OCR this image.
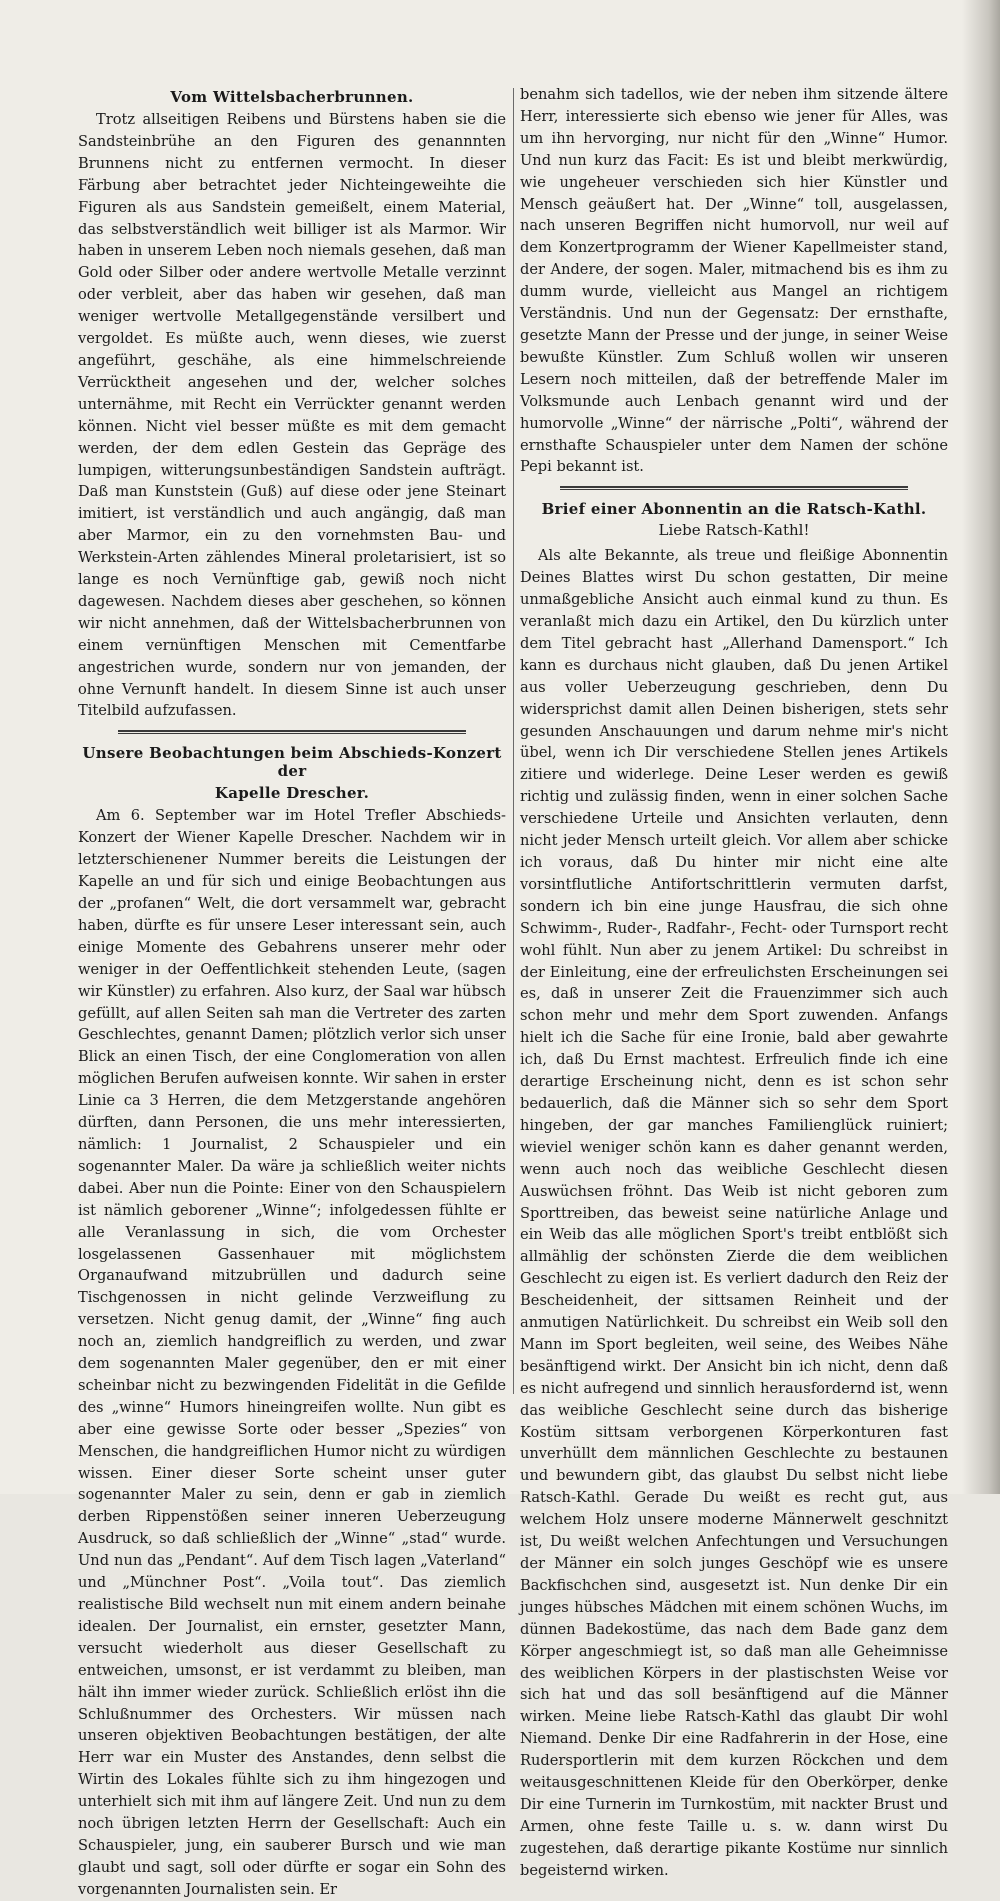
Vom Wittelsbacherbrunnen.

Trotz allseitigen Reibens und Bürstens haben sie die Sandsteinbrühe an den Figuren des genannnten Brunnens nicht zu entfernen vermocht. In dieser Färbung aber betrachtet jeder Nichteingeweihte die Figuren als aus Sandstein gemeißelt, einem Material, das selbstverständlich weit billiger ist als Marmor. Wir haben in unserem Leben noch niemals gesehen, daß man Gold oder Silber oder andere wertvolle Metalle verzinnt oder verbleit, aber das haben wir gesehen, daß man weniger wertvolle Metallgegenstände versilbert und vergoldet. Es müßte auch, wenn dieses, wie zuerst angeführt, geschähe, als eine himmelschreiende Verrücktheit angesehen und der, welcher solches unternähme, mit Recht ein Verrückter genannt werden können. Nicht viel besser müßte es mit dem gemacht werden, der dem edlen Gestein das Gepräge des lumpigen, witterungsunbeständigen Sandstein aufträgt. Daß man Kunststein (Guß) auf diese oder jene Steinart imitiert, ist verständlich und auch angängig, daß man aber Marmor, ein zu den vornehmsten Bau- und Werkstein-Arten zählendes Mineral proletarisiert, ist so lange es noch Vernünftige gab, gewiß noch nicht dagewesen. Nachdem dieses aber geschehen, so können wir nicht annehmen, daß der Wittelsbacherbrunnen von einem vernünftigen Menschen mit Cementfarbe angestrichen wurde, sondern nur von jemanden, der ohne Vernunft handelt. In diesem Sinne ist auch unser Titelbild aufzufassen.

Unsere Beobachtungen beim Abschieds-Konzert der
Kapelle Drescher.

Am 6. September war im Hotel Trefler Abschieds-Konzert der Wiener Kapelle Drescher. Nachdem wir in letzterschienener Nummer bereits die Leistungen der Kapelle an und für sich und einige Beobachtungen aus der „profanen“ Welt, die dort versammelt war, gebracht haben, dürfte es für unsere Leser interessant sein, auch einige Momente des Gebahrens unserer mehr oder weniger in der Oeffentlichkeit stehenden Leute, (sagen wir Künstler) zu erfahren. Also kurz, der Saal war hübsch gefüllt, auf allen Seiten sah man die Vertreter des zarten Geschlechtes, genannt Damen; plötzlich verlor sich unser Blick an einen Tisch, der eine Conglomeration von allen möglichen Berufen aufweisen konnte. Wir sahen in erster Linie ca 3 Herren, die dem Metzgerstande angehören dürften, dann Personen, die uns mehr interessierten, nämlich: 1 Journalist, 2 Schauspieler und ein sogenannter Maler. Da wäre ja schließlich weiter nichts dabei. Aber nun die Pointe: Einer von den Schauspielern ist nämlich geborener „Winne“; infolgedessen fühlte er alle Veranlassung in sich, die vom Orchester losgelassenen Gassenhauer mit möglichstem Organaufwand mitzubrüllen und dadurch seine Tischgenossen in nicht gelinde Verzweiflung zu versetzen. Nicht genug damit, der „Winne“ fing auch noch an, ziemlich handgreiflich zu werden, und zwar dem sogenannten Maler gegenüber, den er mit einer scheinbar nicht zu bezwingenden Fidelität in die Gefilde des „winne“ Humors hineingreifen wollte. Nun gibt es aber eine gewisse Sorte oder besser „Spezies“ von Menschen, die handgreiflichen Humor nicht zu würdigen wissen. Einer dieser Sorte scheint unser guter sogenannter Maler zu sein, denn er gab in ziemlich derben Rippenstößen seiner inneren Ueberzeugung Ausdruck, so daß schließlich der „Winne“ „stad“ wurde. Und nun das „Pendant“. Auf dem Tisch lagen „Vaterland“ und „Münchner Post“. „Voila tout“. Das ziemlich realistische Bild wechselt nun mit einem andern beinahe idealen. Der Journalist, ein ernster, gesetzter Mann, versucht wiederholt aus dieser Gesellschaft zu entweichen, umsonst, er ist verdammt zu bleiben, man hält ihn immer wieder zurück. Schließlich erlöst ihn die Schlußnummer des Orchesters. Wir müssen nach unseren objektiven Beobachtungen bestätigen, der alte Herr war ein Muster des Anstandes, denn selbst die Wirtin des Lokales fühlte sich zu ihm hingezogen und unterhielt sich mit ihm auf längere Zeit. Und nun zu dem noch übrigen letzten Herrn der Gesellschaft: Auch ein Schauspieler, jung, ein sauberer Bursch und wie man glaubt und sagt, soll oder dürfte er sogar ein Sohn des vorgenannten Journalisten sein. Er

benahm sich tadellos, wie der neben ihm sitzende ältere Herr, interessierte sich ebenso wie jener für Alles, was um ihn hervorging, nur nicht für den „Winne“ Humor. Und nun kurz das Facit: Es ist und bleibt merkwürdig, wie ungeheuer verschieden sich hier Künstler und Mensch geäußert hat. Der „Winne“ toll, ausgelassen, nach unseren Begriffen nicht humorvoll, nur weil auf dem Konzertprogramm der Wiener Kapellmeister stand, der Andere, der sogen. Maler, mitmachend bis es ihm zu dumm wurde, vielleicht aus Mangel an richtigem Verständnis. Und nun der Gegensatz: Der ernsthafte, gesetzte Mann der Presse und der junge, in seiner Weise bewußte Künstler. Zum Schluß wollen wir unseren Lesern noch mitteilen, daß der betreffende Maler im Volksmunde auch Lenbach genannt wird und der humorvolle „Winne“ der närrische „Polti“, während der ernsthafte Schauspieler unter dem Namen der schöne Pepi bekannt ist.

Brief einer Abonnentin an die Ratsch-Kathl.
Liebe Ratsch-Kathl!

Als alte Bekannte, als treue und fleißige Abonnentin Deines Blattes wirst Du schon gestatten, Dir meine unmaßgebliche Ansicht auch einmal kund zu thun. Es veranlaßt mich dazu ein Artikel, den Du kürzlich unter dem Titel gebracht hast „Allerhand Damensport.“ Ich kann es durchaus nicht glauben, daß Du jenen Artikel aus voller Ueberzeugung geschrieben, denn Du widersprichst damit allen Deinen bisherigen, stets sehr gesunden Anschauungen und darum nehme mir's nicht übel, wenn ich Dir verschiedene Stellen jenes Artikels zitiere und widerlege. Deine Leser werden es gewiß richtig und zulässig finden, wenn in einer solchen Sache verschiedene Urteile und Ansichten verlauten, denn nicht jeder Mensch urteilt gleich. Vor allem aber schicke ich voraus, daß Du hinter mir nicht eine alte vorsintflutliche Antifortschrittlerin vermuten darfst, sondern ich bin eine junge Hausfrau, die sich ohne Schwimm-, Ruder-, Radfahr-, Fecht- oder Turnsport recht wohl fühlt. Nun aber zu jenem Artikel: Du schreibst in der Einleitung, eine der erfreulichsten Erscheinungen sei es, daß in unserer Zeit die Frauenzimmer sich auch schon mehr und mehr dem Sport zuwenden. Anfangs hielt ich die Sache für eine Ironie, bald aber gewahrte ich, daß Du Ernst machtest. Erfreulich finde ich eine derartige Erscheinung nicht, denn es ist schon sehr bedauerlich, daß die Männer sich so sehr dem Sport hingeben, der gar manches Familienglück ruiniert; wieviel weniger schön kann es daher genannt werden, wenn auch noch das weibliche Geschlecht diesen Auswüchsen fröhnt. Das Weib ist nicht geboren zum Sporttreiben, das beweist seine natürliche Anlage und ein Weib das alle möglichen Sport's treibt entblößt sich allmählig der schönsten Zierde die dem weiblichen Geschlecht zu eigen ist. Es verliert dadurch den Reiz der Bescheidenheit, der sittsamen Reinheit und der anmutigen Natürlichkeit. Du schreibst ein Weib soll den Mann im Sport begleiten, weil seine, des Weibes Nähe besänftigend wirkt. Der Ansicht bin ich nicht, denn daß es nicht aufregend und sinnlich herausfordernd ist, wenn das weibliche Geschlecht seine durch das bisherige Kostüm sittsam verborgenen Körperkonturen fast unverhüllt dem männlichen Geschlechte zu bestaunen und bewundern gibt, das glaubst Du selbst nicht liebe Ratsch-Kathl. Gerade Du weißt es recht gut, aus welchem Holz unsere moderne Männerwelt geschnitzt ist, Du weißt welchen Anfechtungen und Versuchungen der Männer ein solch junges Geschöpf wie es unsere Backfischchen sind, ausgesetzt ist. Nun denke Dir ein junges hübsches Mädchen mit einem schönen Wuchs, im dünnen Badekostüme, das nach dem Bade ganz dem Körper angeschmiegt ist, so daß man alle Geheimnisse des weiblichen Körpers in der plastischsten Weise vor sich hat und das soll besänftigend auf die Männer wirken. Meine liebe Ratsch-Kathl das glaubt Dir wohl Niemand. Denke Dir eine Radfahrerin in der Hose, eine Rudersportlerin mit dem kurzen Röckchen und dem weitausgeschnittenen Kleide für den Oberkörper, denke Dir eine Turnerin im Turnkostüm, mit nackter Brust und Armen, ohne feste Taille u. s. w. dann wirst Du zugestehen, daß derartige pikante Kostüme nur sinnlich begeisternd wirken.
